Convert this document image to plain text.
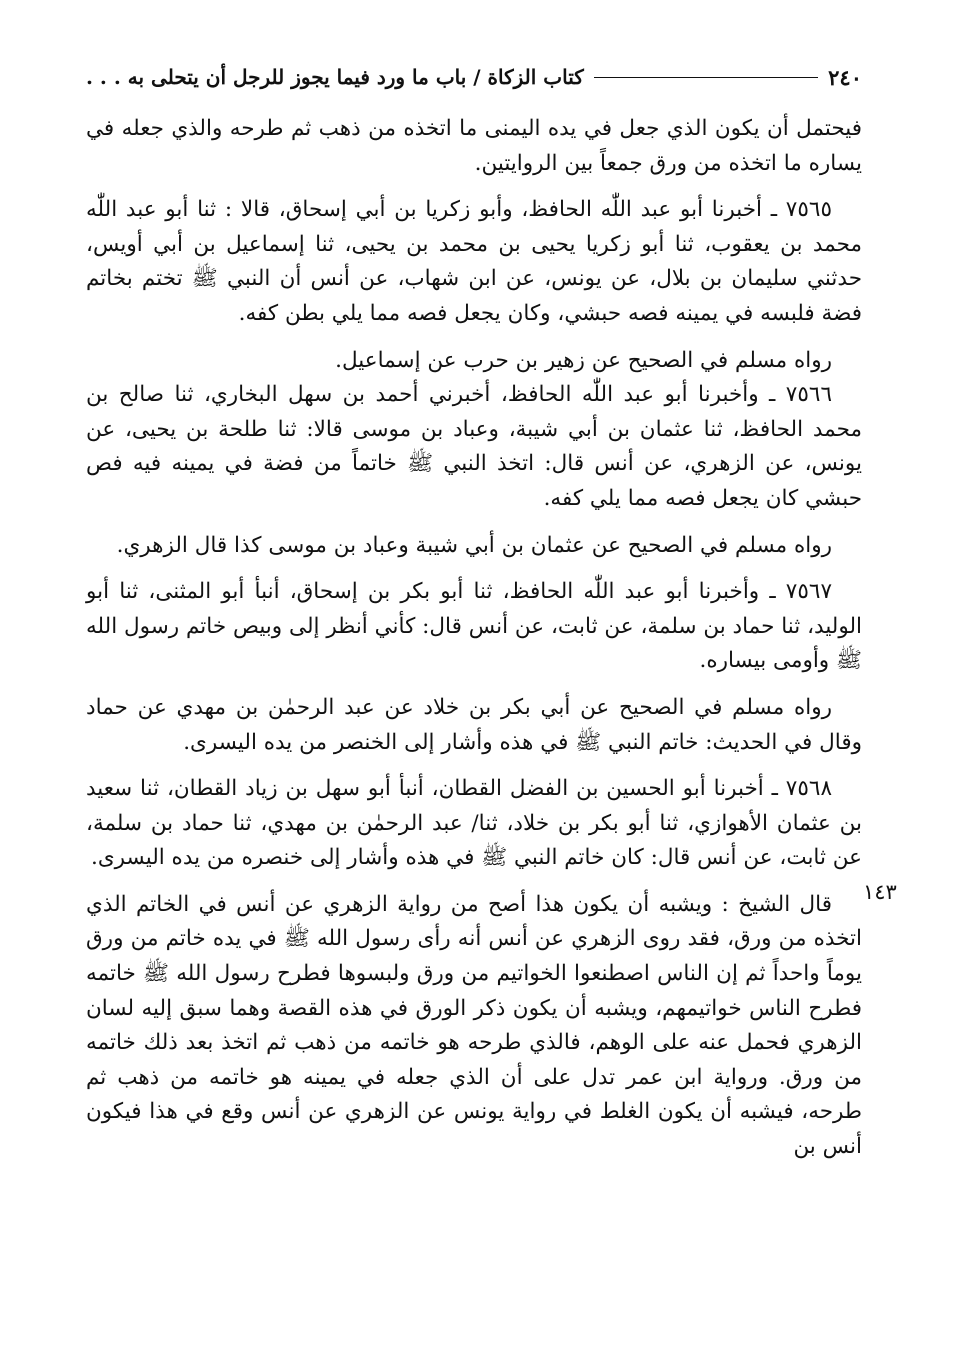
٢٤٠
كتاب الزكاة / باب ما ورد فيما يجوز للرجل أن يتحلى به . . .
١٤٣

فيحتمل أن يكون الذي جعل في يده اليمنى ما اتخذه من ذهب ثم طرحه والذي جعله في يساره ما اتخذه من ورق جمعاً بين الروايتين.

٧٥٦٥ ـ أخبرنا أبو عبد اللّٰه الحافظ، وأبو زكريا بن أبي إسحاق، قالا : ثنا أبو عبد اللّٰه محمد بن يعقوب، ثنا أبو زكريا يحيى بن محمد بن يحيى، ثنا إسماعيل بن أبي أويس، حدثني سليمان بن بلال، عن يونس، عن ابن شهاب، عن أنس أن النبي ﷺ تختم بخاتم فضة فلبسه في يمينه فصه حبشي، وكان يجعل فصه مما يلي بطن كفه.

رواه مسلم في الصحيح عن زهير بن حرب عن إسماعيل.

٧٥٦٦ ـ وأخبرنا أبو عبد اللّٰه الحافظ، أخبرني أحمد بن سهل البخاري، ثنا صالح بن محمد الحافظ، ثنا عثمان بن أبي شيبة، وعباد بن موسى قالا: ثنا طلحة بن يحيى، عن يونس، عن الزهري، عن أنس قال: اتخذ النبي ﷺ خاتماً من فضة في يمينه فيه فص حبشي كان يجعل فصه مما يلي كفه.

رواه مسلم في الصحيح عن عثمان بن أبي شيبة وعباد بن موسى كذا قال الزهري.

٧٥٦٧ ـ وأخبرنا أبو عبد اللّٰه الحافظ، ثنا أبو بكر بن إسحاق، أنبأ أبو المثنى، ثنا أبو الوليد، ثنا حماد بن سلمة، عن ثابت، عن أنس قال: كأني أنظر إلى وبيص خاتم رسول الله ﷺ وأومى بيساره.

رواه مسلم في الصحيح عن أبي بكر بن خلاد عن عبد الرحمٰن بن مهدي عن حماد وقال في الحديث: خاتم النبي ﷺ في هذه وأشار إلى الخنصر من يده اليسرى.

٧٥٦٨ ـ أخبرنا أبو الحسين بن الفضل القطان، أنبأ أبو سهل بن زياد القطان، ثنا سعيد بن عثمان الأهوازي، ثنا أبو بكر بن خلاد، ثنا/ عبد الرحمٰن بن مهدي، ثنا حماد بن سلمة، عن ثابت، عن أنس قال: كان خاتم النبي ﷺ في هذه وأشار إلى خنصره من يده اليسرى.

قال الشيخ : ويشبه أن يكون هذا أصح من رواية الزهري عن أنس في الخاتم الذي اتخذه من ورق، فقد روى الزهري عن أنس أنه رأى رسول الله ﷺ في يده خاتم من ورق يوماً واحداً ثم إن الناس اصطنعوا الخواتيم من ورق ولبسوها فطرح رسول الله ﷺ خاتمه فطرح الناس خواتيمهم، ويشبه أن يكون ذكر الورق في هذه القصة وهما سبق إليه لسان الزهري فحمل عنه على الوهم، فالذي طرحه هو خاتمه من ذهب ثم اتخذ بعد ذلك خاتمه من ورق. ورواية ابن عمر تدل على أن الذي جعله في يمينه هو خاتمه من ذهب ثم طرحه، فيشبه أن يكون الغلط في رواية يونس عن الزهري عن أنس وقع في هذا فيكون أنس بن
